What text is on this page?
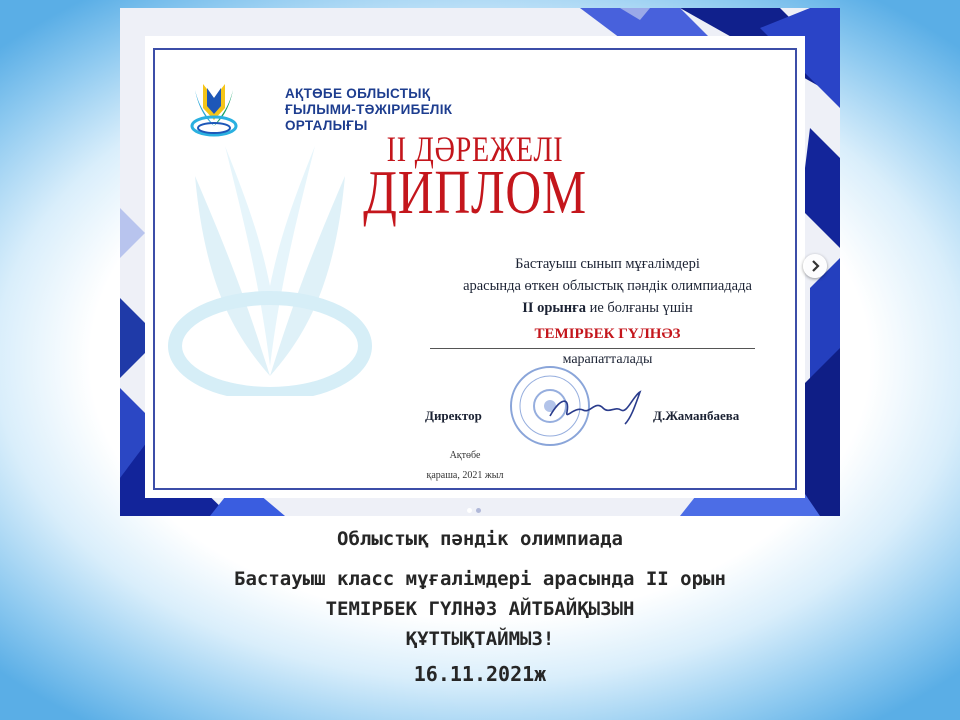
АҚТӨБЕ ОБЛЫСТЫҚ
ҒЫЛЫМИ-ТӘЖІРИБЕЛІК
ОРТАЛЫҒЫ
II ДӘРЕЖЕЛІ
ДИПЛОМ
Бастауыш сынып мұғалімдері
арасында өткен облыстық пәндік олимпиадада
II орынға ие болғаны үшін
ТЕМІРБЕК ГҮЛНӘЗ
марапатталады
Директор	Д.Жаманбаева
Ақтөбе
қараша, 2021 жыл
Облыстық пәндік олимпиада
Бастауыш класс мұғалімдері арасында II орын
ТЕМІРБЕК ГҮЛНӘЗ АЙТБАЙҚЫЗЫН
ҚҰТТЫҚТАЙМЫЗ!
16.11.2021ж
